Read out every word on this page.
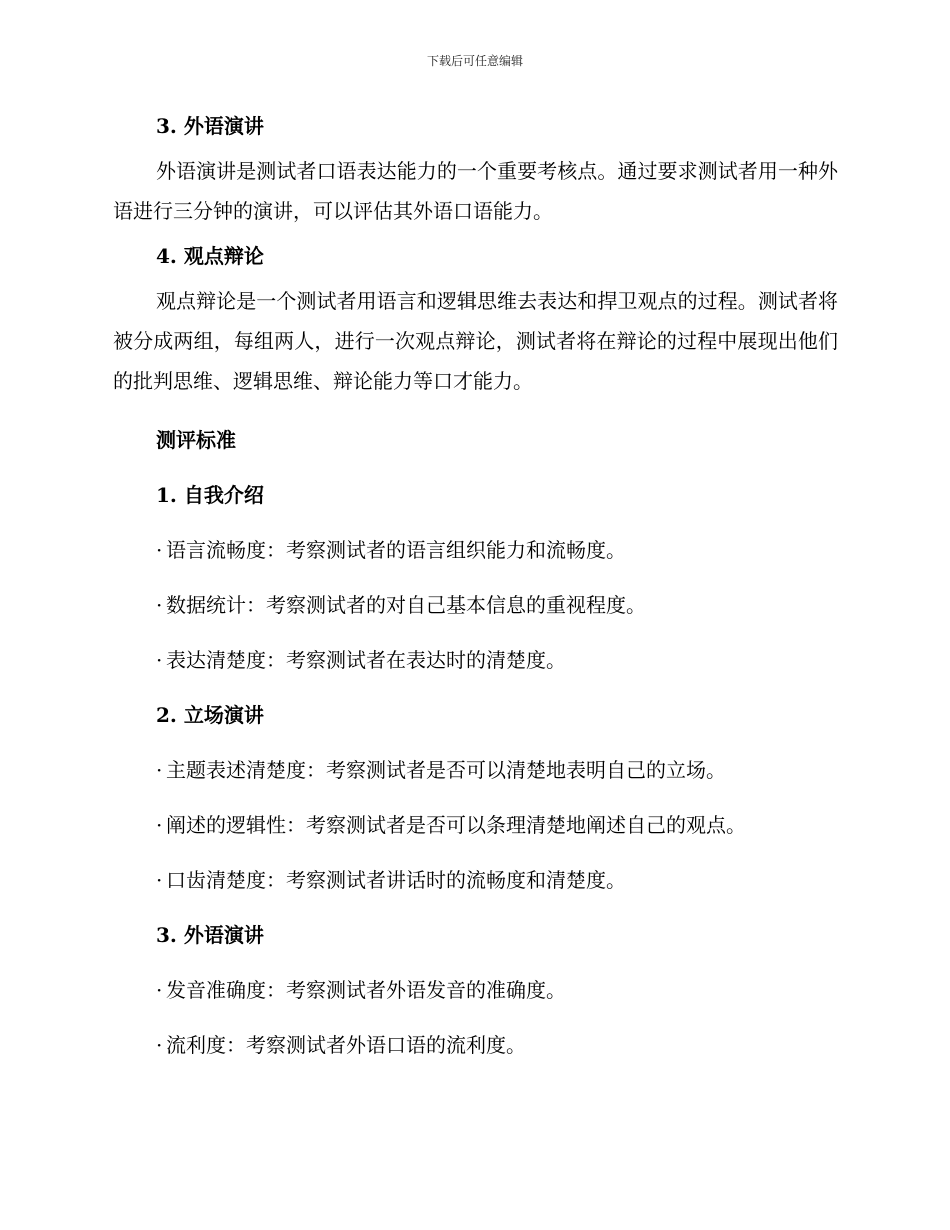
下载后可任意编辑

3. 外语演讲

外语演讲是测试者口语表达能力的一个重要考核点。通过要求测试者用一种外语进行三分钟的演讲，可以评估其外语口语能力。

4. 观点辩论

观点辩论是一个测试者用语言和逻辑思维去表达和捍卫观点的过程。测试者将被分成两组，每组两人，进行一次观点辩论，测试者将在辩论的过程中展现出他们的批判思维、逻辑思维、辩论能力等口才能力。

测评标准

1. 自我介绍

· 语言流畅度：考察测试者的语言组织能力和流畅度。

· 数据统计：考察测试者的对自己基本信息的重视程度。

· 表达清楚度：考察测试者在表达时的清楚度。

2. 立场演讲

· 主题表述清楚度：考察测试者是否可以清楚地表明自己的立场。

· 阐述的逻辑性：考察测试者是否可以条理清楚地阐述自己的观点。

· 口齿清楚度：考察测试者讲话时的流畅度和清楚度。

3. 外语演讲

· 发音准确度：考察测试者外语发音的准确度。

· 流利度：考察测试者外语口语的流利度。
